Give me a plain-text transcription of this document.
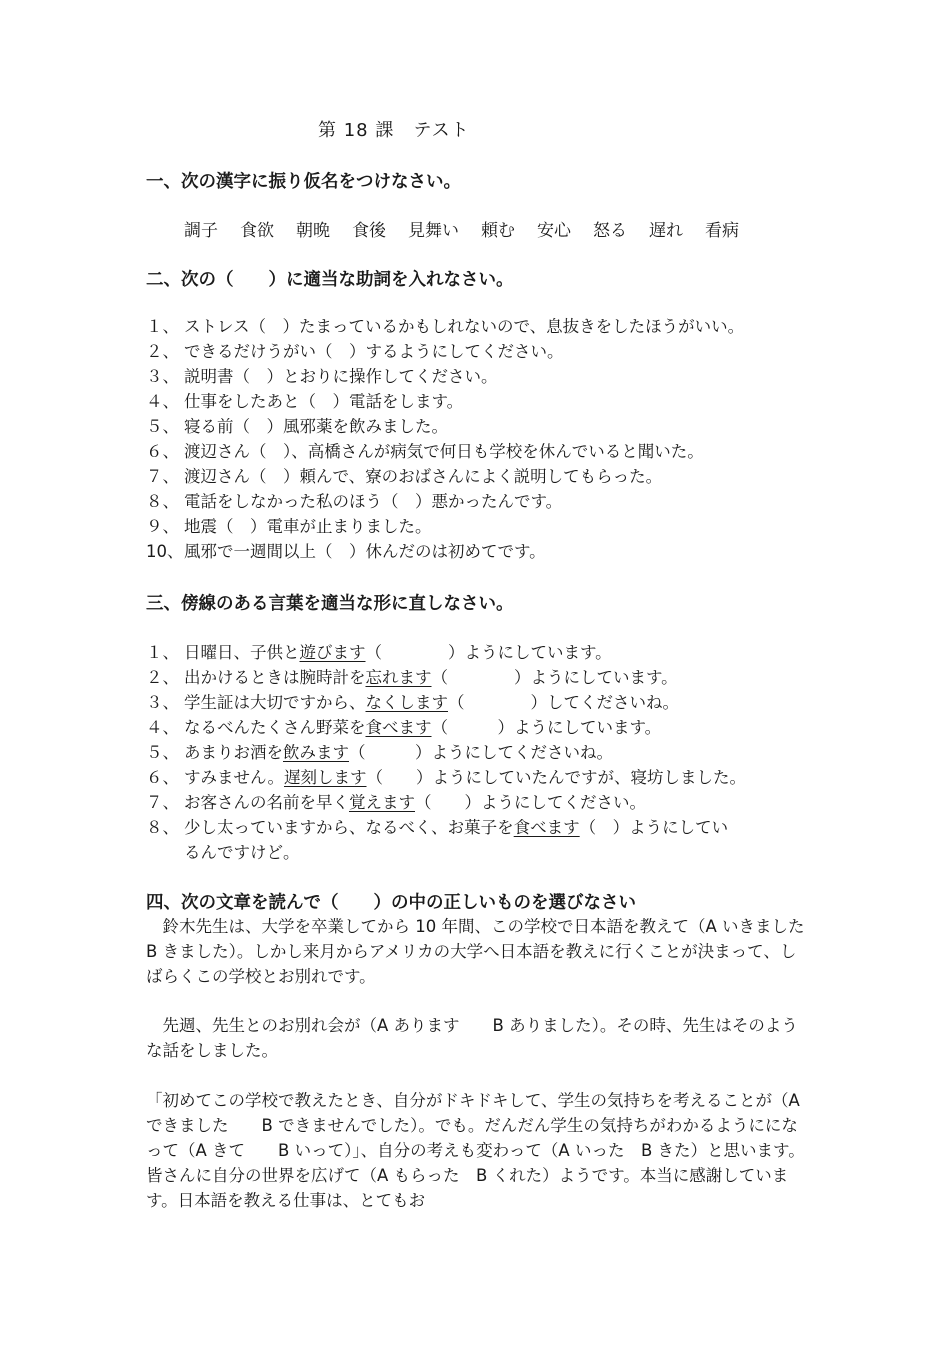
第 18 課　テスト
一、次の漢字に振り仮名をつけなさい。
調子 食欲 朝晩 食後 見舞い 頼む 安心 怒る 遅れ 看病
二、次の（　　）に適当な助詞を入れなさい。
１、 ストレス（　）たまっているかもしれないので、息抜きをしたほうがいい。
２、 できるだけうがい（　）するようにしてください。
３、 説明書（　）とおりに操作してください。
４、 仕事をしたあと（　）電話をします。
５、 寝る前（　）風邪薬を飲みました。
６、 渡辺さん（　）、高橋さんが病気で何日も学校を休んでいると聞いた。
７、 渡辺さん（　）頼んで、寮のおばさんによく説明してもらった。
８、 電話をしなかった私のほう（　）悪かったんです。
９、 地震（　）電車が止まりました。
10、風邪で一週間以上（　）休んだのは初めてです。
三、傍線のある言葉を適当な形に直しなさい。
１、 日曜日、子供と遊びます（　　　　）ようにしています。
２、 出かけるときは腕時計を忘れます（　　　　）ようにしています。
３、 学生証は大切ですから、なくします（　　　　）してくださいね。
４、 なるべんたくさん野菜を食べます（　　　）ようにしています。
５、 あまりお酒を飲みます（　　　）ようにしてくださいね。
６、 すみません。遅刻します（　　）ようにしていたんですが、寝坊しました。
７、 お客さんの名前を早く覚えます（　　）ようにしてください。
８、 少し太っていますから、なるべく、お菓子を食べます（　）ようにしてい
るんですけど。
四、次の文章を読んで（　　）の中の正しいものを選びなさい
　鈴木先生は、大学を卒業してから 10 年間、この学校で日本語を教えて（A いきました　　B きました）。しかし来月からアメリカの大学へ日本語を教えに行くことが決まって、しばらくこの学校とお別れです。
　先週、先生とのお別れ会が（A あります　　B ありました）。その時、先生はそのような話をしました。
「初めてこの学校で教えたとき、自分がドキドキして、学生の気持ちを考えることが（A できました　　B できませんでした）。でも。だんだん学生の気持ちがわかるようにになって（A きて　　B いって）」、自分の考えも変わって（A いった　B きた）と思います。皆さんに自分の世界を広げて（A もらった　B くれた）ようです。本当に感謝しています。日本語を教える仕事は、とてもお
